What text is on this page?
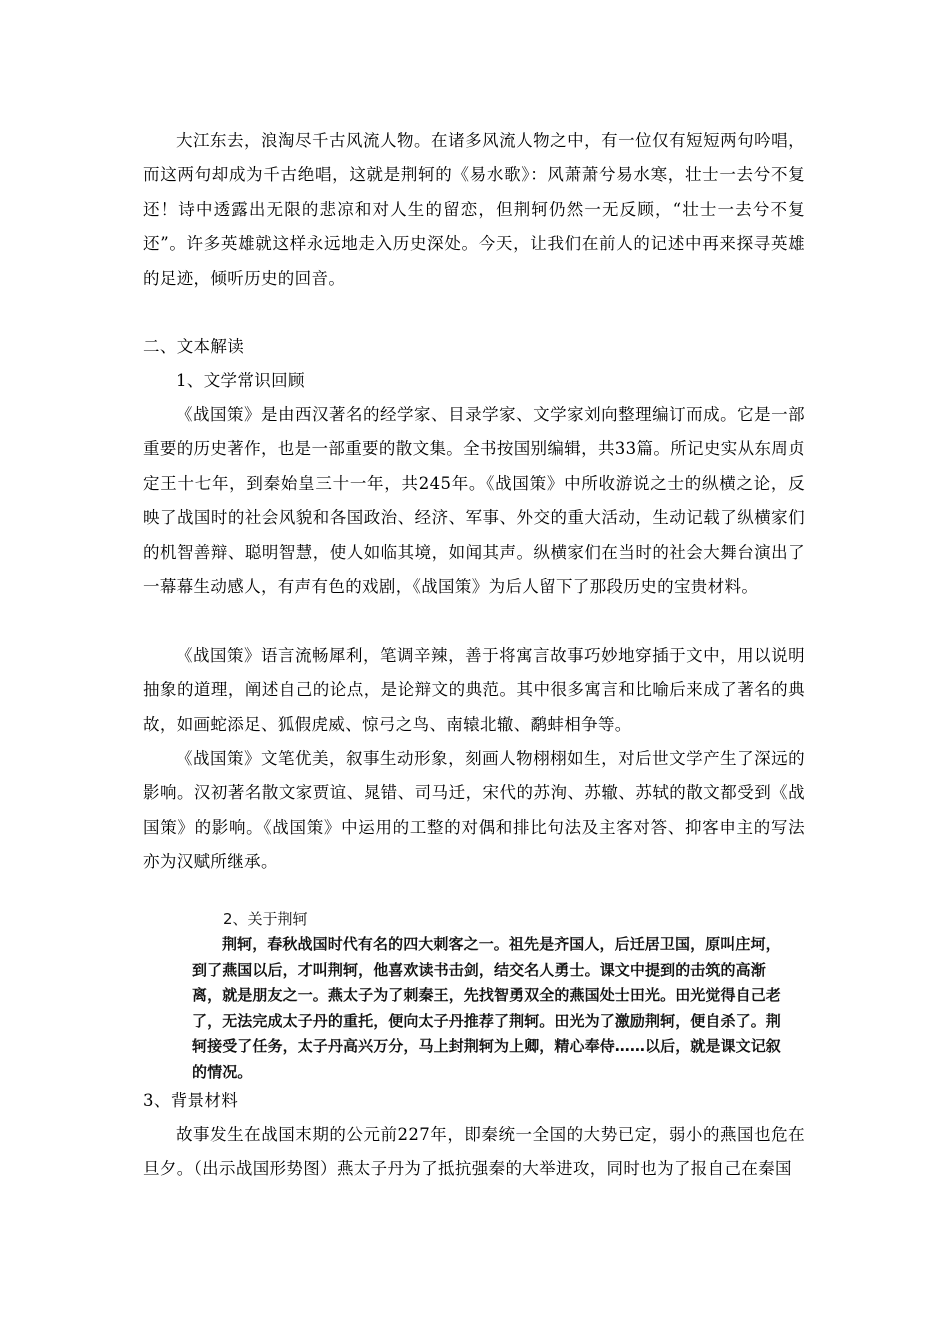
大江东去，浪淘尽千古风流人物。在诸多风流人物之中，有一位仅有短短两句吟唱，而这两句却成为千古绝唱，这就是荆轲的《易水歌》：风萧萧兮易水寒，壮士一去兮不复还！诗中透露出无限的悲凉和对人生的留恋，但荆轲仍然一无反顾，“壮士一去兮不复还”。许多英雄就这样永远地走入历史深处。今天，让我们在前人的记述中再来探寻英雄的足迹，倾听历史的回音。

二、文本解读

1、文学常识回顾

《战国策》是由西汉著名的经学家、目录学家、文学家刘向整理编订而成。它是一部重要的历史著作，也是一部重要的散文集。全书按国别编辑，共33篇。所记史实从东周贞定王十七年，到秦始皇三十一年，共245年。《战国策》中所收游说之士的纵横之论，反映了战国时的社会风貌和各国政治、经济、军事、外交的重大活动，生动记载了纵横家们的机智善辩、聪明智慧，使人如临其境，如闻其声。纵横家们在当时的社会大舞台演出了一幕幕生动感人，有声有色的戏剧，《战国策》为后人留下了那段历史的宝贵材料。

《战国策》语言流畅犀利，笔调辛辣，善于将寓言故事巧妙地穿插于文中，用以说明抽象的道理，阐述自己的论点，是论辩文的典范。其中很多寓言和比喻后来成了著名的典故，如画蛇添足、狐假虎威、惊弓之鸟、南辕北辙、鹬蚌相争等。

《战国策》文笔优美，叙事生动形象，刻画人物栩栩如生，对后世文学产生了深远的影响。汉初著名散文家贾谊、晁错、司马迁，宋代的苏洵、苏辙、苏轼的散文都受到《战国策》的影响。《战国策》中运用的工整的对偶和排比句法及主客对答、抑客申主的写法亦为汉赋所继承。

2、关于荆轲

荆轲，春秋战国时代有名的四大刺客之一。祖先是齐国人，后迁居卫国，原叫庄坷，到了燕国以后，才叫荆轲，他喜欢读书击剑，结交名人勇士。课文中提到的击筑的高渐离，就是朋友之一。燕太子为了刺秦王，先找智勇双全的燕国处士田光。田光觉得自己老了，无法完成太子丹的重托，便向太子丹推荐了荆轲。田光为了激励荆轲，便自杀了。荆轲接受了任务，太子丹高兴万分，马上封荆轲为上卿，精心奉侍……以后，就是课文记叙的情况。

3、背景材料

故事发生在战国末期的公元前227年，即秦统一全国的大势已定，弱小的燕国也危在旦夕。（出示战国形势图）燕太子丹为了抵抗强秦的大举进攻，同时也为了报自己在秦国
